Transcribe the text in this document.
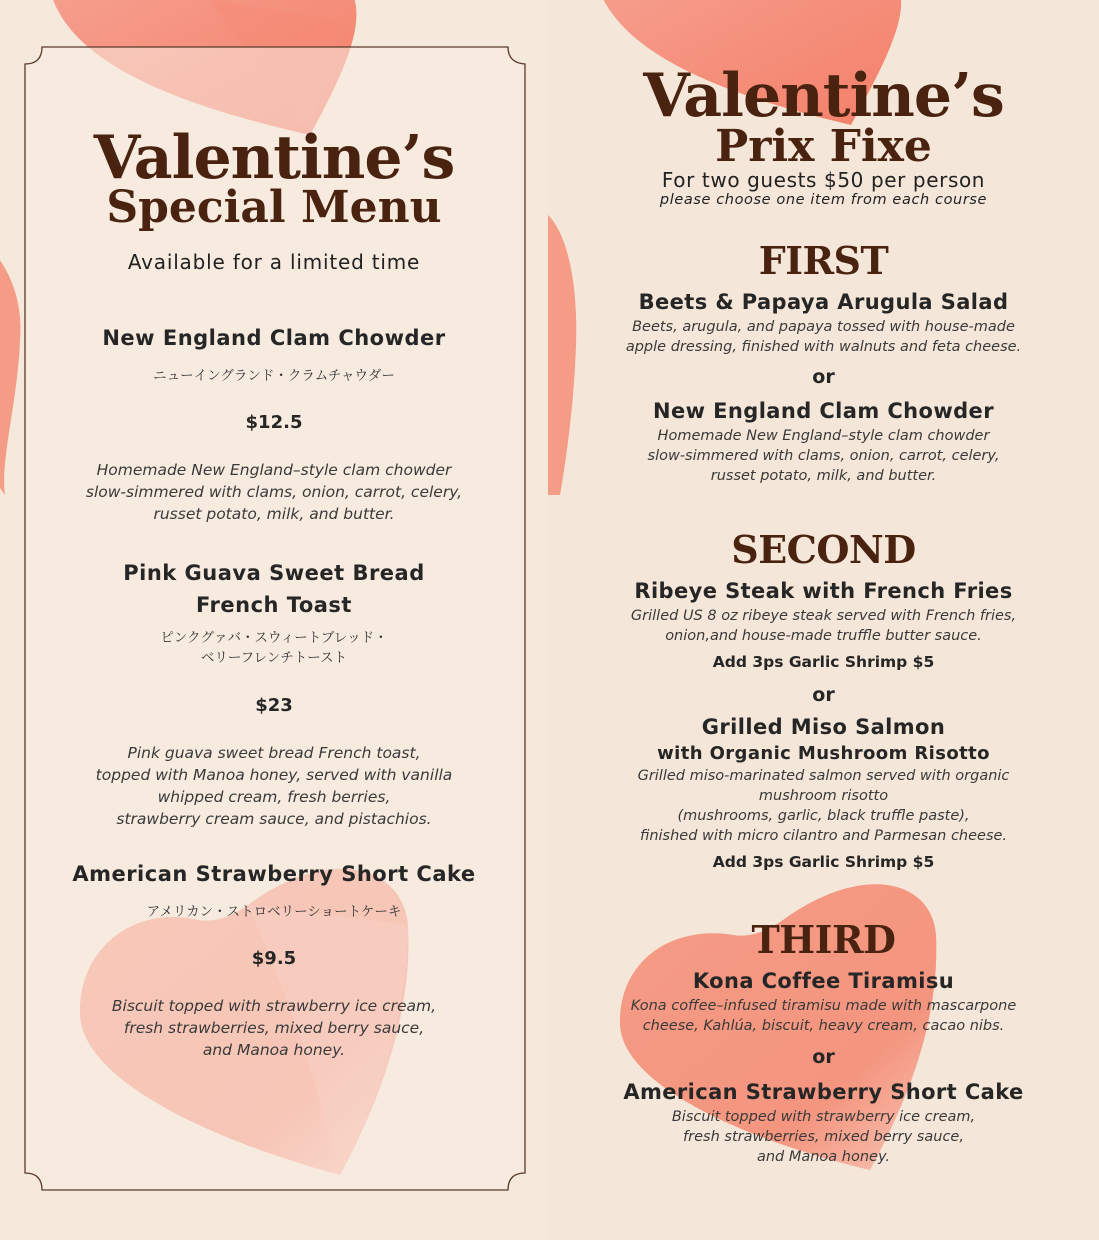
Valentine’s
Special Menu
Available for a limited time
New England Clam Chowder
ニューイングランド・クラムチャウダー
$12.5
Homemade New England–style clam chowder
slow-simmered with clams, onion, carrot, celery,
russet potato, milk, and butter.
Pink Guava Sweet Bread
French Toast
ピンクグァバ・スウィートブレッド・
ベリーフレンチトースト
$23
Pink guava sweet bread French toast,
topped with Manoa honey, served with vanilla
whipped cream, fresh berries,
strawberry cream sauce, and pistachios.
American Strawberry Short Cake
アメリカン・ストロベリーショートケーキ
$9.5
Biscuit topped with strawberry ice cream,
fresh strawberries, mixed berry sauce,
and Manoa honey.
Valentine’s
Prix Fixe
For two guests $50 per person
please choose one item from each course
FIRST
Beets & Papaya Arugula Salad
Beets, arugula, and papaya tossed with house-made
apple dressing, finished with walnuts and feta cheese.
or
New England Clam Chowder
Homemade New England–style clam chowder
slow-simmered with clams, onion, carrot, celery,
russet potato, milk, and butter.
SECOND
Ribeye Steak with French Fries
Grilled US 8 oz ribeye steak served with French fries,
onion,and house-made truffle butter sauce.
Add 3ps Garlic Shrimp $5
or
Grilled Miso Salmon
with Organic Mushroom Risotto
Grilled miso-marinated salmon served with organic
mushroom risotto
(mushrooms, garlic, black truffle paste),
finished with micro cilantro and Parmesan cheese.
Add 3ps Garlic Shrimp $5
THIRD
Kona Coffee Tiramisu
Kona coffee–infused tiramisu made with mascarpone
cheese, Kahlúa, biscuit, heavy cream, cacao nibs.
or
American Strawberry Short Cake
Biscuit topped with strawberry ice cream,
fresh strawberries, mixed berry sauce,
and Manoa honey.
